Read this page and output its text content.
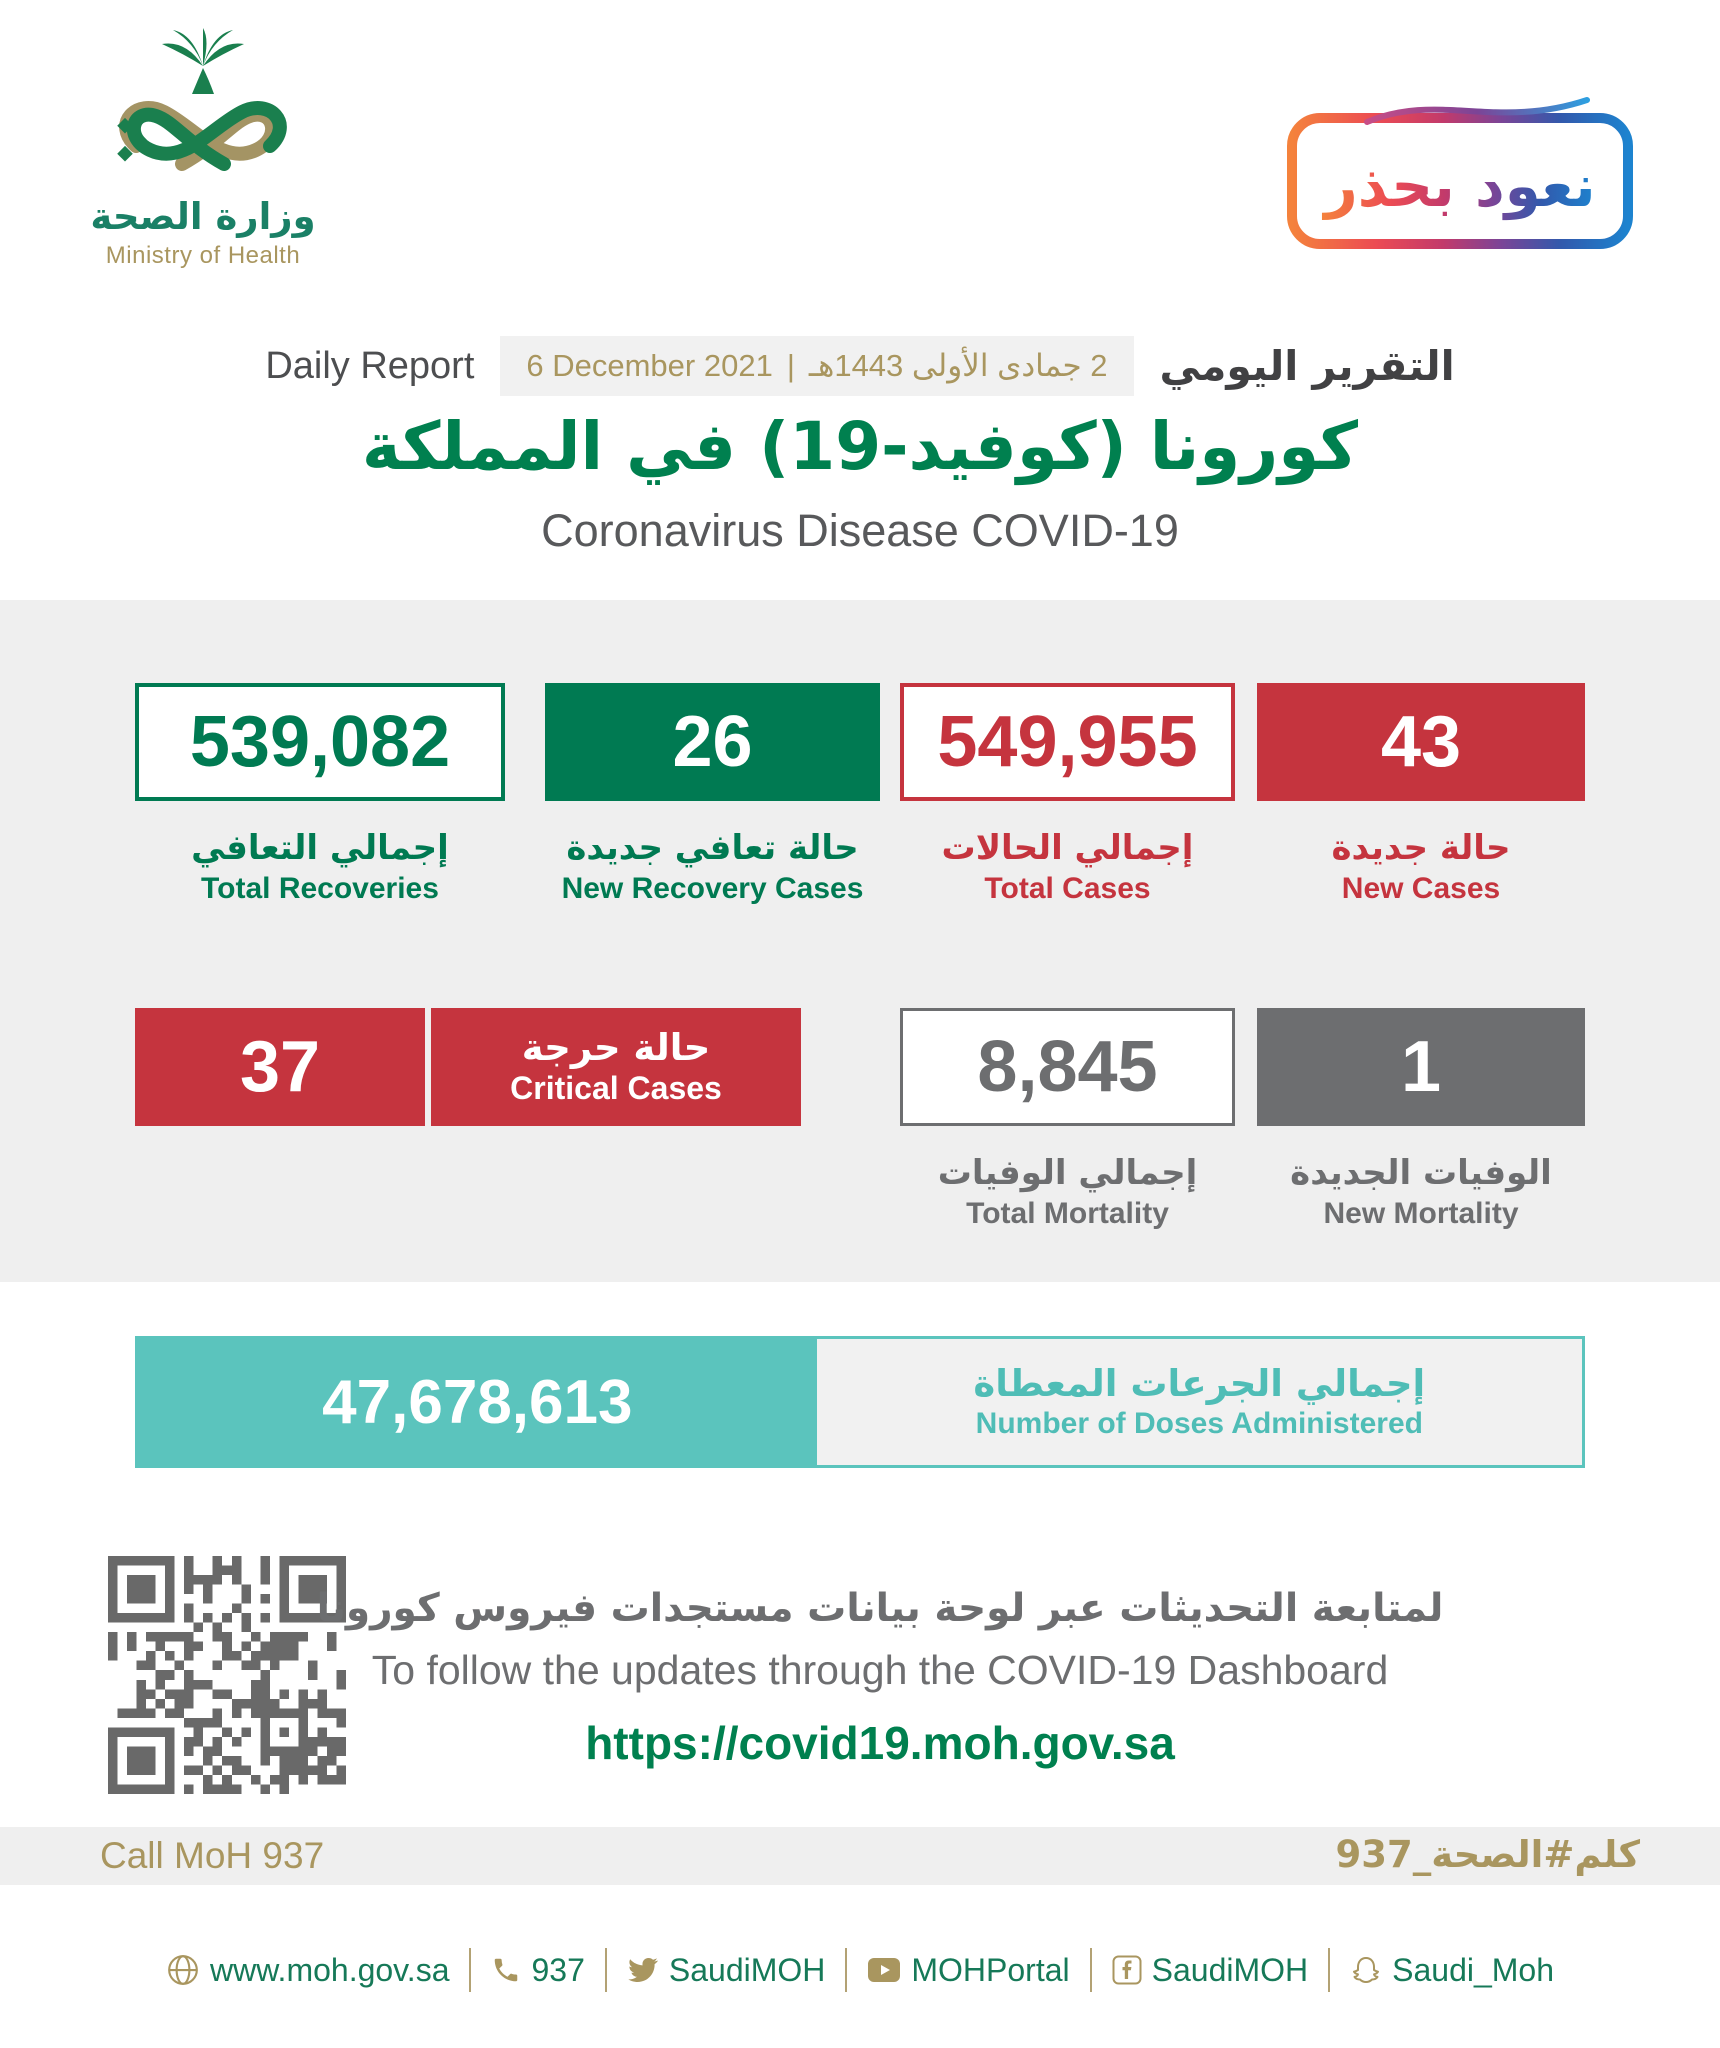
وزارة الصحة
Ministry of Health
نعود بحذر
Daily Report 6 December 2021 | 2 جمادى الأولى 1443هـ التقرير اليومي
كورونا (كوفيد-19) في المملكة
Coronavirus Disease COVID-19
539,082
إجمالي التعافي
Total Recoveries
26
حالة تعافي جديدة
New Recovery Cases
549,955
إجمالي الحالات
Total Cases
43
حالة جديدة
New Cases
37	حالة حرجة
Critical Cases	8,845
إجمالي الوفيات
Total Mortality
1
الوفيات الجديدة
New Mortality
47,678,613	إجمالي الجرعات المعطاة
Number of Doses Administered
لمتابعة التحديثات عبر لوحة بيانات مستجدات فيروس كورونا
To follow the updates through the COVID-19 Dashboard
https://covid19.moh.gov.sa
Call MoH 937	كلم#الصحة_937
www.moh.gov.sa	937	SaudiMOH	MOHPortal	SaudiMOH	Saudi_Moh
